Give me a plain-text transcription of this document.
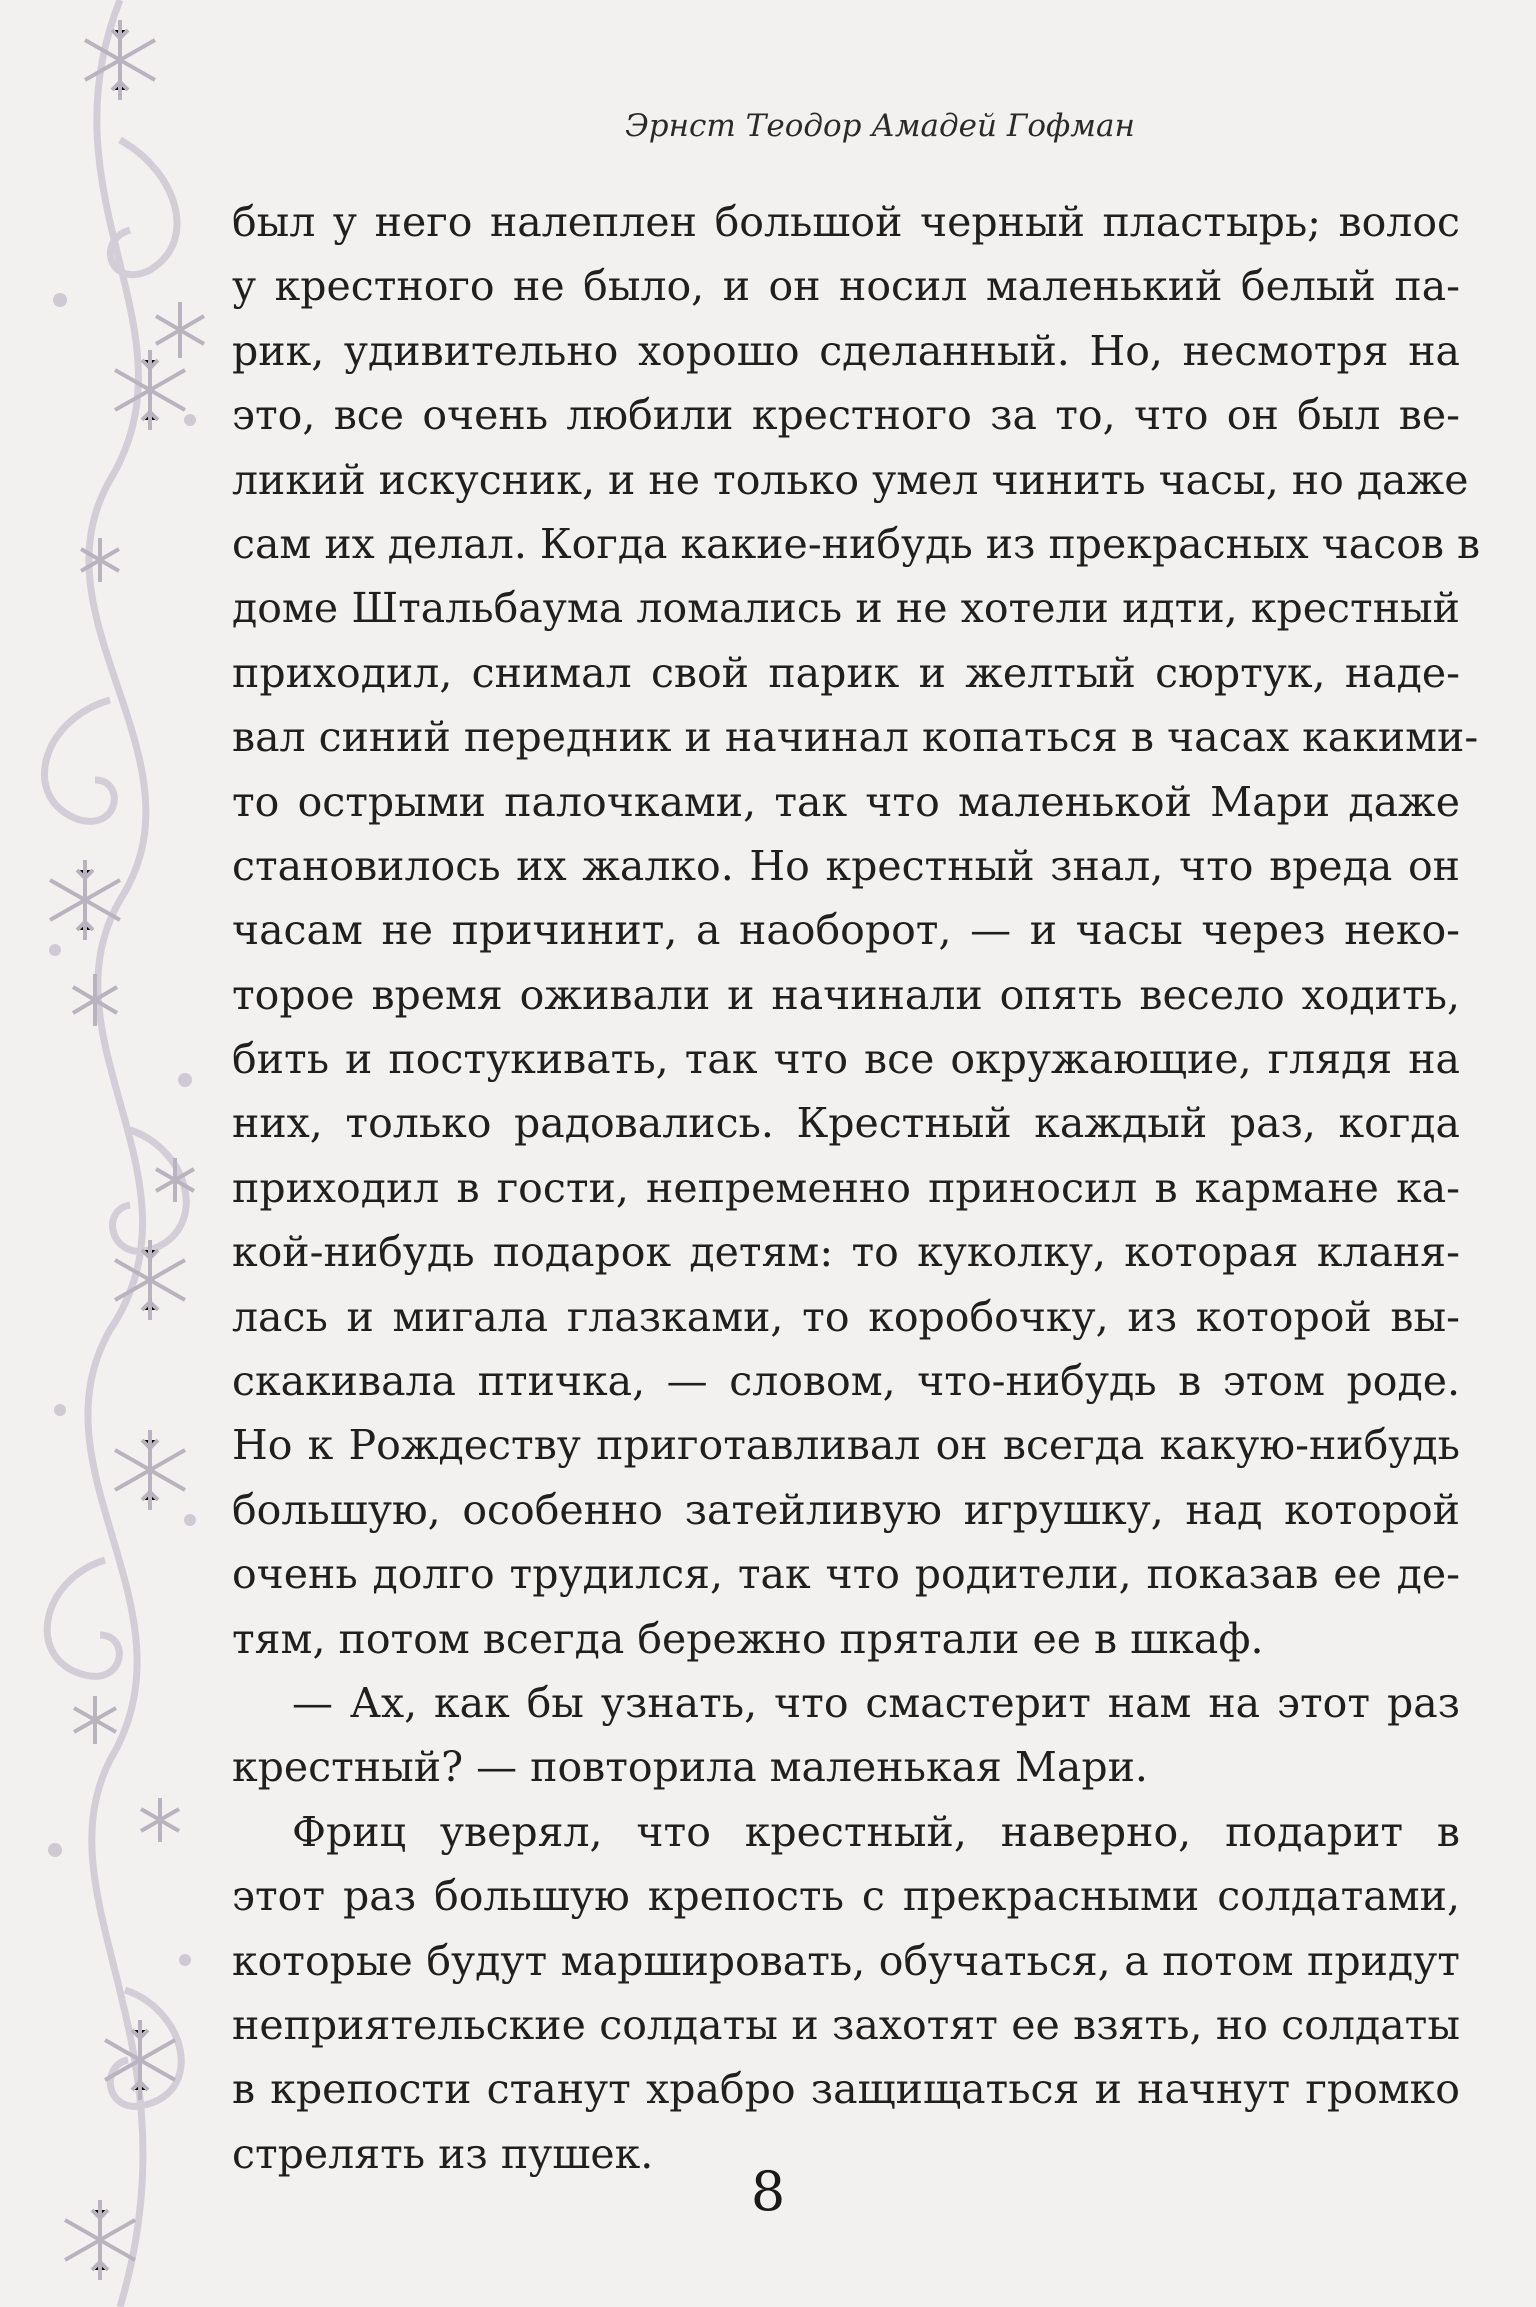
Эрнст Теодор Амадей Гофман
был у него налеплен большой черный пластырь; волос
у крестного не было, и он носил маленький белый па-
рик, удивительно хорошо сделанный. Но, несмотря на
это, все очень любили крестного за то, что он был ве-
ликий искусник, и не только умел чинить часы, но даже
сам их делал. Когда какие-нибудь из прекрасных часов в
доме Штальбаума ломались и не хотели идти, крестный
приходил, снимал свой парик и желтый сюртук, наде-
вал синий передник и начинал копаться в часах какими-
то острыми палочками, так что маленькой Мари даже
становилось их жалко. Но крестный знал, что вреда он
часам не причинит, а наоборот, — и часы через неко-
торое время оживали и начинали опять весело ходить,
бить и постукивать, так что все окружающие, глядя на
них, только радовались. Крестный каждый раз, когда
приходил в гости, непременно приносил в кармане ка-
кой-нибудь подарок детям: то куколку, которая кланя-
лась и мигала глазками, то коробочку, из которой вы-
скакивала птичка, — словом, что-нибудь в этом роде.
Но к Рождеству приготавливал он всегда какую-нибудь
большую, особенно затейливую игрушку, над которой
очень долго трудился, так что родители, показав ее де-
тям, потом всегда бережно прятали ее в шкаф.
— Ах, как бы узнать, что смастерит нам на этот раз
крестный? — повторила маленькая Мари.
Фриц уверял, что крестный, наверно, подарит в
этот раз большую крепость с прекрасными солдатами,
которые будут маршировать, обучаться, а потом придут
неприятельские солдаты и захотят ее взять, но солдаты
в крепости станут храбро защищаться и начнут громко
стрелять из пушек.
8
